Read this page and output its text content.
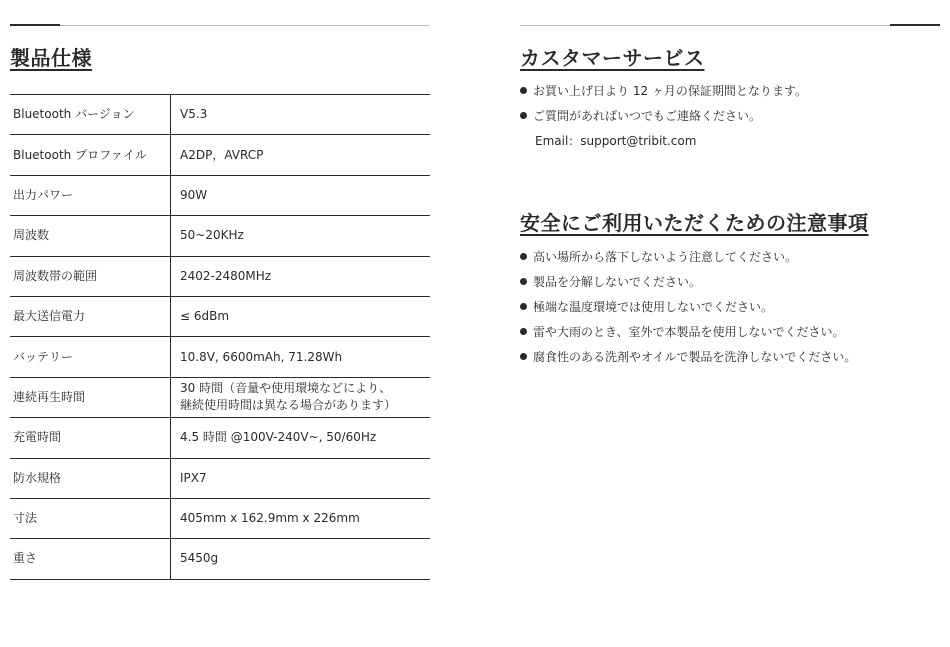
製品仕様
Bluetooth バージョン	V5.3
Bluetooth プロファイル	A2DP，AVRCP
出力パワー	90W
周波数	50~20KHz
周波数帯の範囲	2402-2480MHz
最大送信電力	≤ 6dBm
バッテリー	10.8V, 6600mAh, 71.28Wh
連続再生時間	30 時間（音量や使用環境などにより、
継続使用時間は異なる場合があります）

充電時間	4.5 時間 @100V-240V~, 50/60Hz
防水規格	IPX7
寸法	405mm x 162.9mm x 226mm
重さ	5450g
カスタマーサービス
お買い上げ日より 12 ヶ月の保証期間となります。
ご質問があればいつでもご連絡ください。
Email：support@tribit.com
安全にご利用いただくための注意事項
高い場所から落下しないよう注意してください。
製品を分解しないでください。
極端な温度環境では使用しないでください。
雷や大雨のとき、室外で本製品を使用しないでください。
腐食性のある洗剤やオイルで製品を洗浄しないでください。
